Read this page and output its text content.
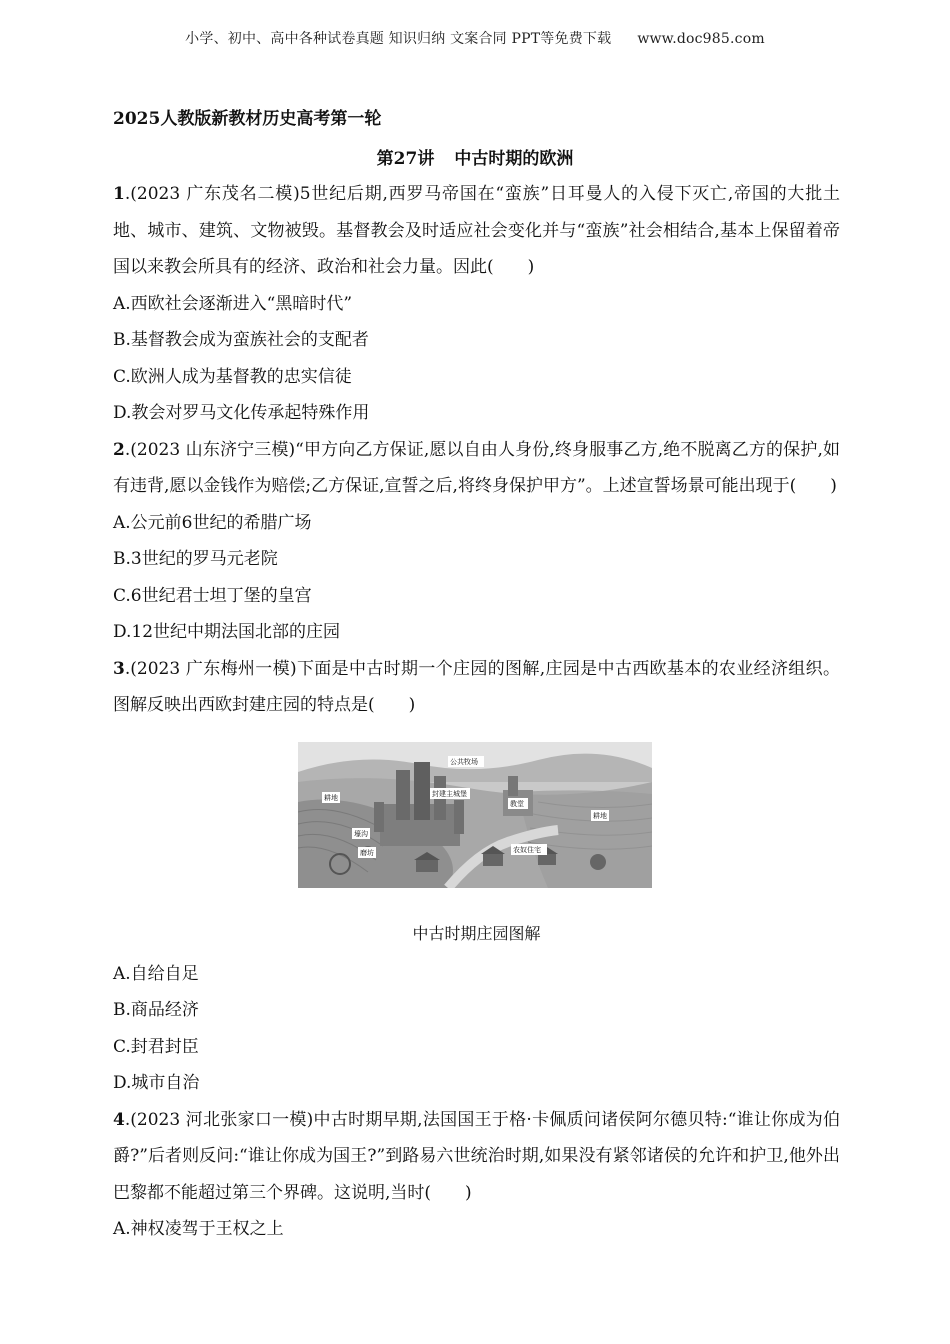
小学、初中、高中各种试卷真题 知识归纳 文案合同 PPT等免费下载 www.doc985.com
2025人教版新教材历史高考第一轮
第27讲 中古时期的欧洲

1.(2023 广东茂名二模)5世纪后期,西罗马帝国在“蛮族”日耳曼人的入侵下灭亡,帝国的大批土地、城市、建筑、文物被毁。基督教会及时适应社会变化并与“蛮族”社会相结合,基本上保留着帝国以来教会所具有的经济、政治和社会力量。因此(　　)

A.西欧社会逐渐进入“黑暗时代”

B.基督教会成为蛮族社会的支配者

C.欧洲人成为基督教的忠实信徒

D.教会对罗马文化传承起特殊作用

2.(2023 山东济宁三模)“甲方向乙方保证,愿以自由人身份,终身服事乙方,绝不脱离乙方的保护,如有违背,愿以金钱作为赔偿;乙方保证,宣誓之后,将终身保护甲方”。上述宣誓场景可能出现于(　　)

A.公元前6世纪的希腊广场

B.3世纪的罗马元老院

C.6世纪君士坦丁堡的皇宫

D.12世纪中期法国北部的庄园

3.(2023 广东梅州一模)下面是中古时期一个庄园的图解,庄园是中古西欧基本的农业经济组织。图解反映出西欧封建庄园的特点是(　　)

公共牧场
耕地	封建主城堡
教堂
耕地
壕沟
磨坊	农奴住宅
中古时期庄园图解

A.自给自足

B.商品经济

C.封君封臣

D.城市自治

4.(2023 河北张家口一模)中古时期早期,法国国王于格·卡佩质问诸侯阿尔德贝特:“谁让你成为伯爵?”后者则反问:“谁让你成为国王?”到路易六世统治时期,如果没有紧邻诸侯的允许和护卫,他外出巴黎都不能超过第三个界碑。这说明,当时(　　)

A.神权凌驾于王权之上
